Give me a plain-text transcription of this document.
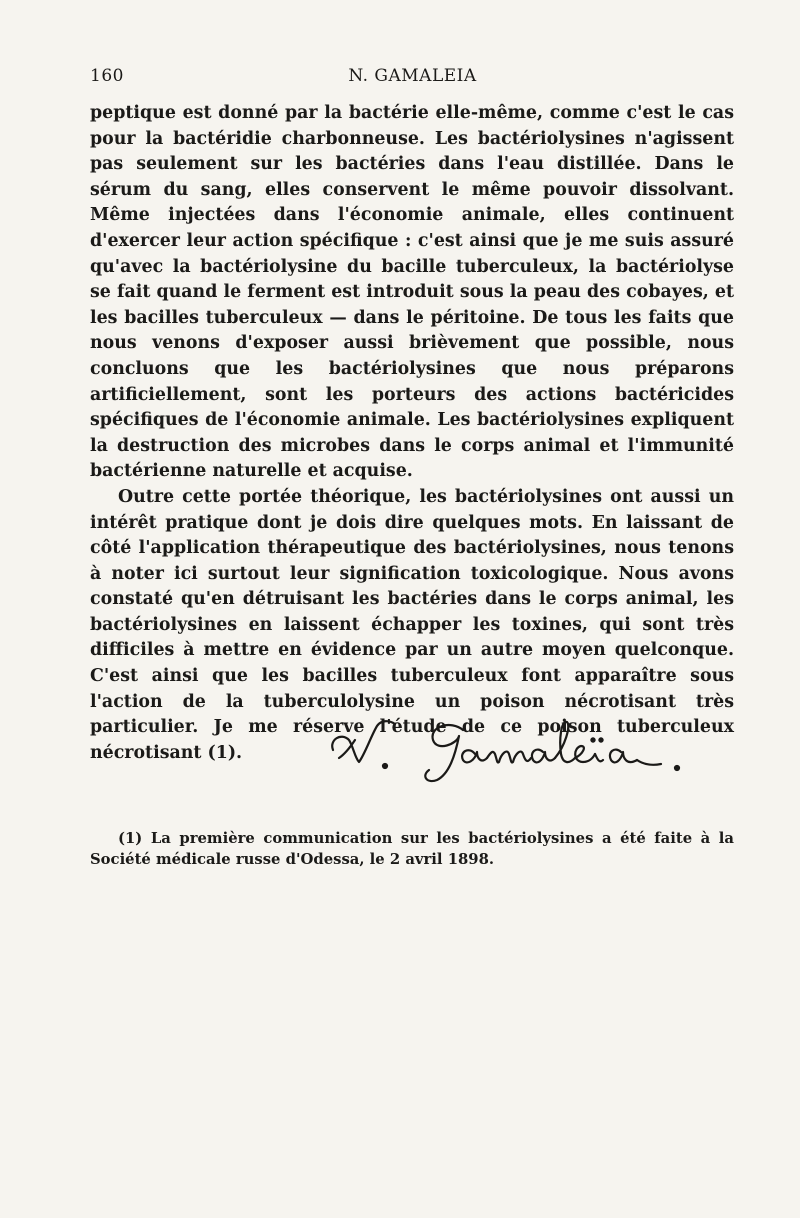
160	N. GAMALEIA

peptique est donné par la bactérie elle-même, comme c'est le cas pour la bactéridie charbonneuse. Les bactériolysines n'agissent pas seulement sur les bactéries dans l'eau distillée. Dans le sérum du sang, elles conservent le même pouvoir dissolvant. Même injectées dans l'économie animale, elles continuent d'exercer leur action spécifique : c'est ainsi que je me suis assuré qu'avec la bactériolysine du bacille tuberculeux, la bactériolyse se fait quand le ferment est introduit sous la peau des cobayes, et les bacilles tuberculeux — dans le péritoine. De tous les faits que nous venons d'exposer aussi brièvement que possible, nous concluons que les bactériolysines que nous préparons artificiellement, sont les porteurs des actions bactéricides spécifiques de l'économie animale. Les bactériolysines expliquent la destruction des microbes dans le corps animal et l'immunité bactérienne naturelle et acquise.

Outre cette portée théorique, les bactériolysines ont aussi un intérêt pratique dont je dois dire quelques mots. En laissant de côté l'application thérapeutique des bactériolysines, nous tenons à noter ici surtout leur signification toxicologique. Nous avons constaté qu'en détruisant les bactéries dans le corps animal, les bactériolysines en laissent échapper les toxines, qui sont très difficiles à mettre en évidence par un autre moyen quelconque. C'est ainsi que les bacilles tuberculeux font apparaître sous l'action de la tuberculolysine un poison nécrotisant très particulier. Je me réserve l'étude de ce poison tuberculeux nécrotisant (1).

(1) La première communication sur les bactériolysines a été faite à la Société médicale russe d'Odessa, le 2 avril 1898.
